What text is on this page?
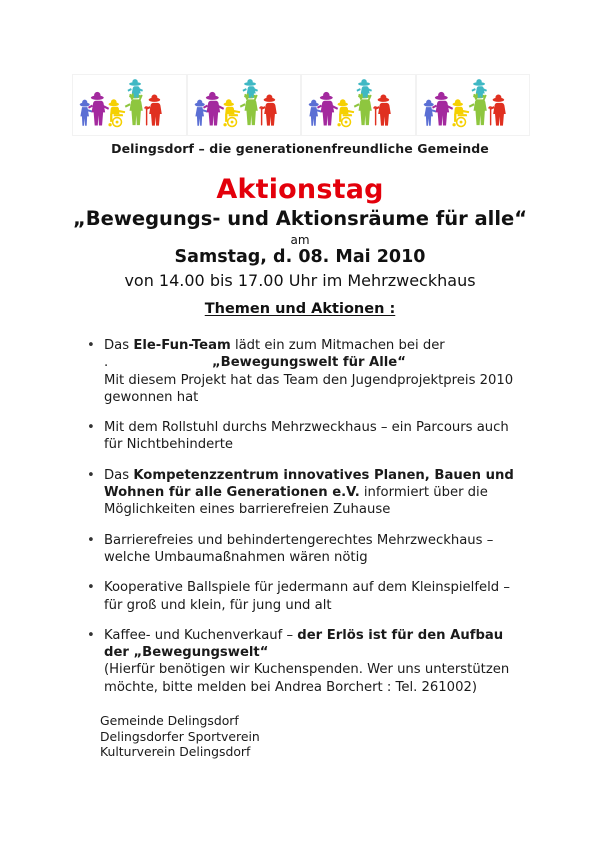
Delingsdorf – die generationenfreundliche Gemeinde
Aktionstag
„Bewegungs- und Aktionsräume für alle“
am
Samstag, d. 08. Mai 2010
von 14.00 bis 17.00 Uhr im Mehrzweckhaus
Themen und Aktionen :
• Das Ele-Fun-Team lädt ein zum Mitmachen bei der
.	„Bewegungswelt für Alle“
Mit diesem Projekt hat das Team den Jugendprojektpreis 2010
gewonnen hat
• Mit dem Rollstuhl durchs Mehrzweckhaus – ein Parcours auch
für Nichtbehinderte
• Das Kompetenzzentrum innovatives Planen, Bauen und
Wohnen für alle Generationen e.V. informiert über die
Möglichkeiten eines barrierefreien Zuhause
• Barrierefreies und behindertengerechtes Mehrzweckhaus –
welche Umbaumaßnahmen wären nötig
• Kooperative Ballspiele für jedermann auf dem Kleinspielfeld –
für groß und klein, für jung und alt
• Kaffee- und Kuchenverkauf – der Erlös ist für den Aufbau
der „Bewegungswelt“
(Hierfür benötigen wir Kuchenspenden. Wer uns unterstützen
möchte, bitte melden bei Andrea Borchert : Tel. 261002)
Gemeinde Delingsdorf
Delingsdorfer Sportverein
Kulturverein Delingsdorf
